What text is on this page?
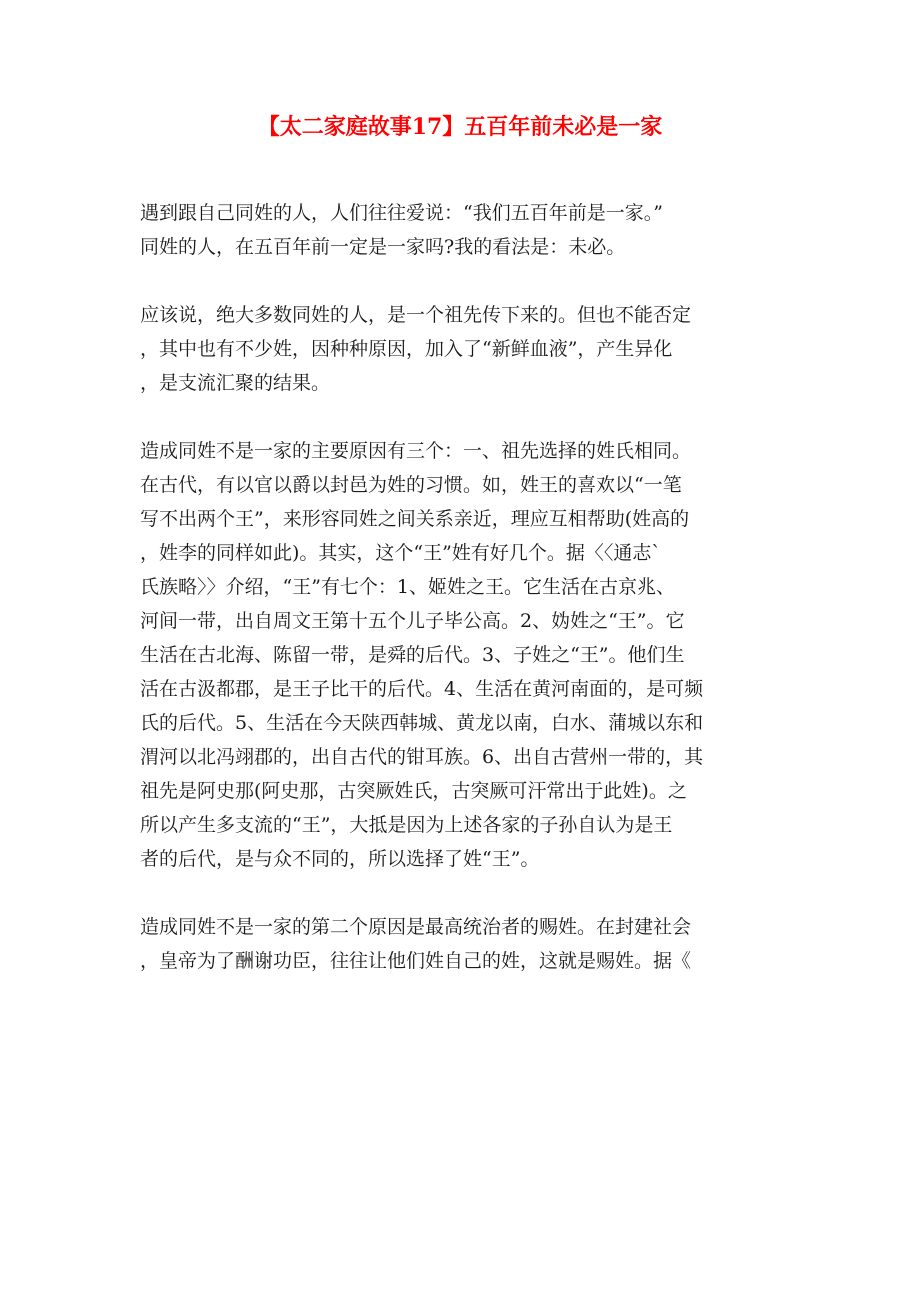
【太二家庭故事17】五百年前未必是一家
遇到跟自己同姓的人，人们往往爱说：“我们五百年前是一家。”
同姓的人，在五百年前一定是一家吗?我的看法是：未必。
应该说，绝大多数同姓的人，是一个祖先传下来的。但也不能否定
，其中也有不少姓，因种种原因，加入了“新鲜血液”，产生异化
，是支流汇聚的结果。
造成同姓不是一家的主要原因有三个：一、祖先选择的姓氏相同。
在古代，有以官以爵以封邑为姓的习惯。如，姓王的喜欢以“一笔
写不出两个王”，来形容同姓之间关系亲近，理应互相帮助(姓高的
，姓李的同样如此)。其实，这个“王”姓有好几个。据〈〈通志`
氏族略〉〉介绍，“王”有七个：1、姬姓之王。它生活在古京兆、
河间一带，出自周文王第十五个儿子毕公高。2、妫姓之“王”。它
生活在古北海、陈留一带，是舜的后代。3、子姓之“王”。他们生
活在古汲都郡，是王子比干的后代。4、生活在黄河南面的，是可频
氏的后代。5、生活在今天陕西韩城、黄龙以南，白水、蒲城以东和
渭河以北冯翊郡的，出自古代的钳耳族。6、出自古营州一带的，其
祖先是阿史那(阿史那，古突厥姓氏，古突厥可汗常出于此姓)。之
所以产生多支流的“王”，大抵是因为上述各家的子孙自认为是王
者的后代，是与众不同的，所以选择了姓“王”。
造成同姓不是一家的第二个原因是最高统治者的赐姓。在封建社会
，皇帝为了酬谢功臣，往往让他们姓自己的姓，这就是赐姓。据《
